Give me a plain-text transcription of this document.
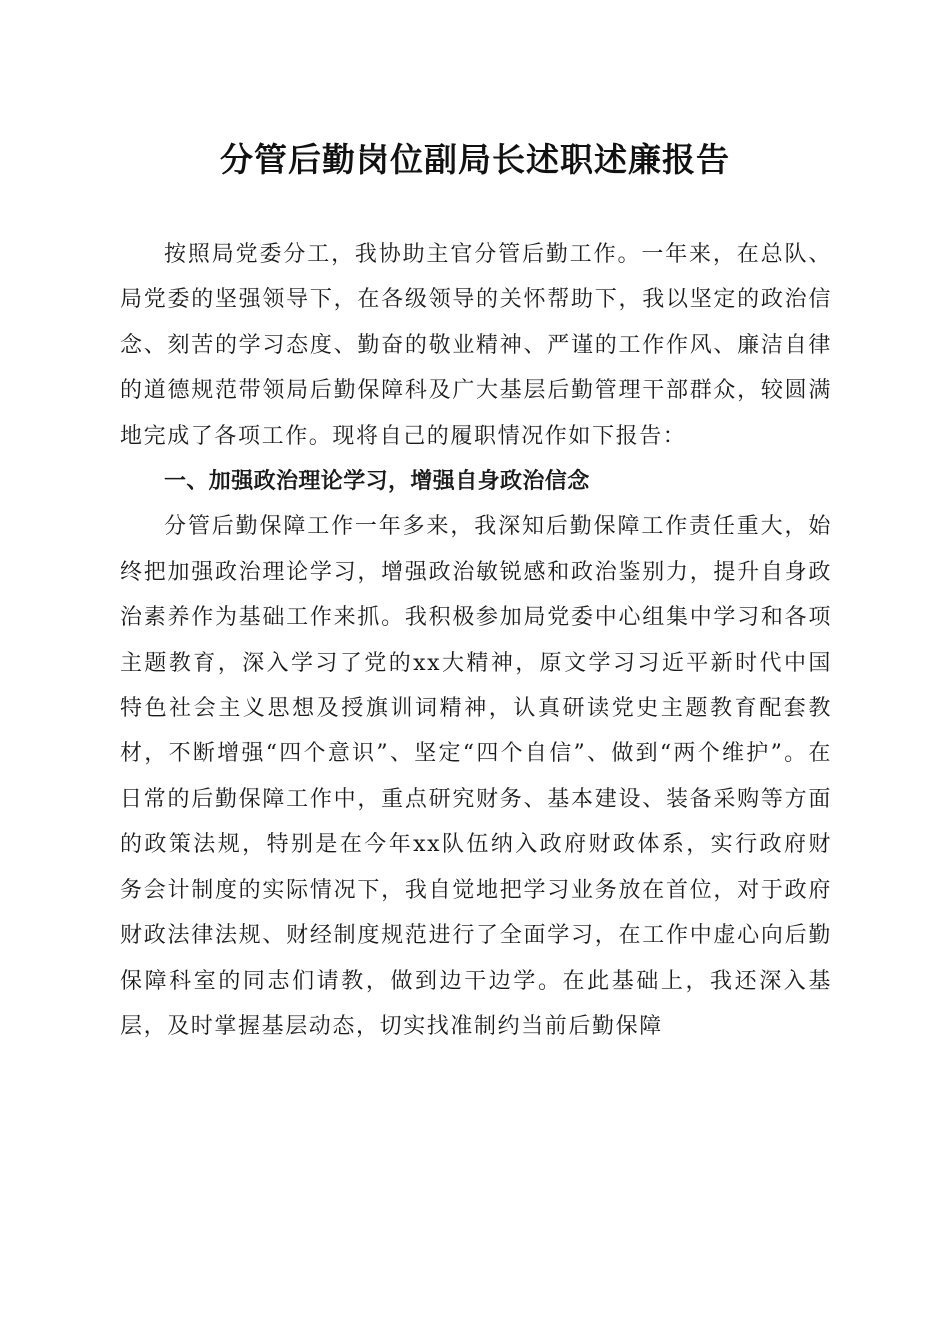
分管后勤岗位副局长述职述廉报告

按照局党委分工，我协助主官分管后勤工作。一年来，在总队、局党委的坚强领导下，在各级领导的关怀帮助下，我以坚定的政治信念、刻苦的学习态度、勤奋的敬业精神、严谨的工作作风、廉洁自律的道德规范带领局后勤保障科及广大基层后勤管理干部群众，较圆满地完成了各项工作。现将自己的履职情况作如下报告：

一、加强政治理论学习，增强自身政治信念

分管后勤保障工作一年多来，我深知后勤保障工作责任重大，始终把加强政治理论学习，增强政治敏锐感和政治鉴别力，提升自身政治素养作为基础工作来抓。我积极参加局党委中心组集中学习和各项主题教育，深入学习了党的xx大精神，原文学习习近平新时代中国特色社会主义思想及授旗训词精神，认真研读党史主题教育配套教材，不断增强“四个意识”、坚定“四个自信”、做到“两个维护”。在日常的后勤保障工作中，重点研究财务、基本建设、装备采购等方面的政策法规，特别是在今年xx队伍纳入政府财政体系，实行政府财务会计制度的实际情况下，我自觉地把学习业务放在首位，对于政府财政法律法规、财经制度规范进行了全面学习，在工作中虚心向后勤保障科室的同志们请教，做到边干边学。在此基础上，我还深入基层，及时掌握基层动态，切实找准制约当前后勤保障
